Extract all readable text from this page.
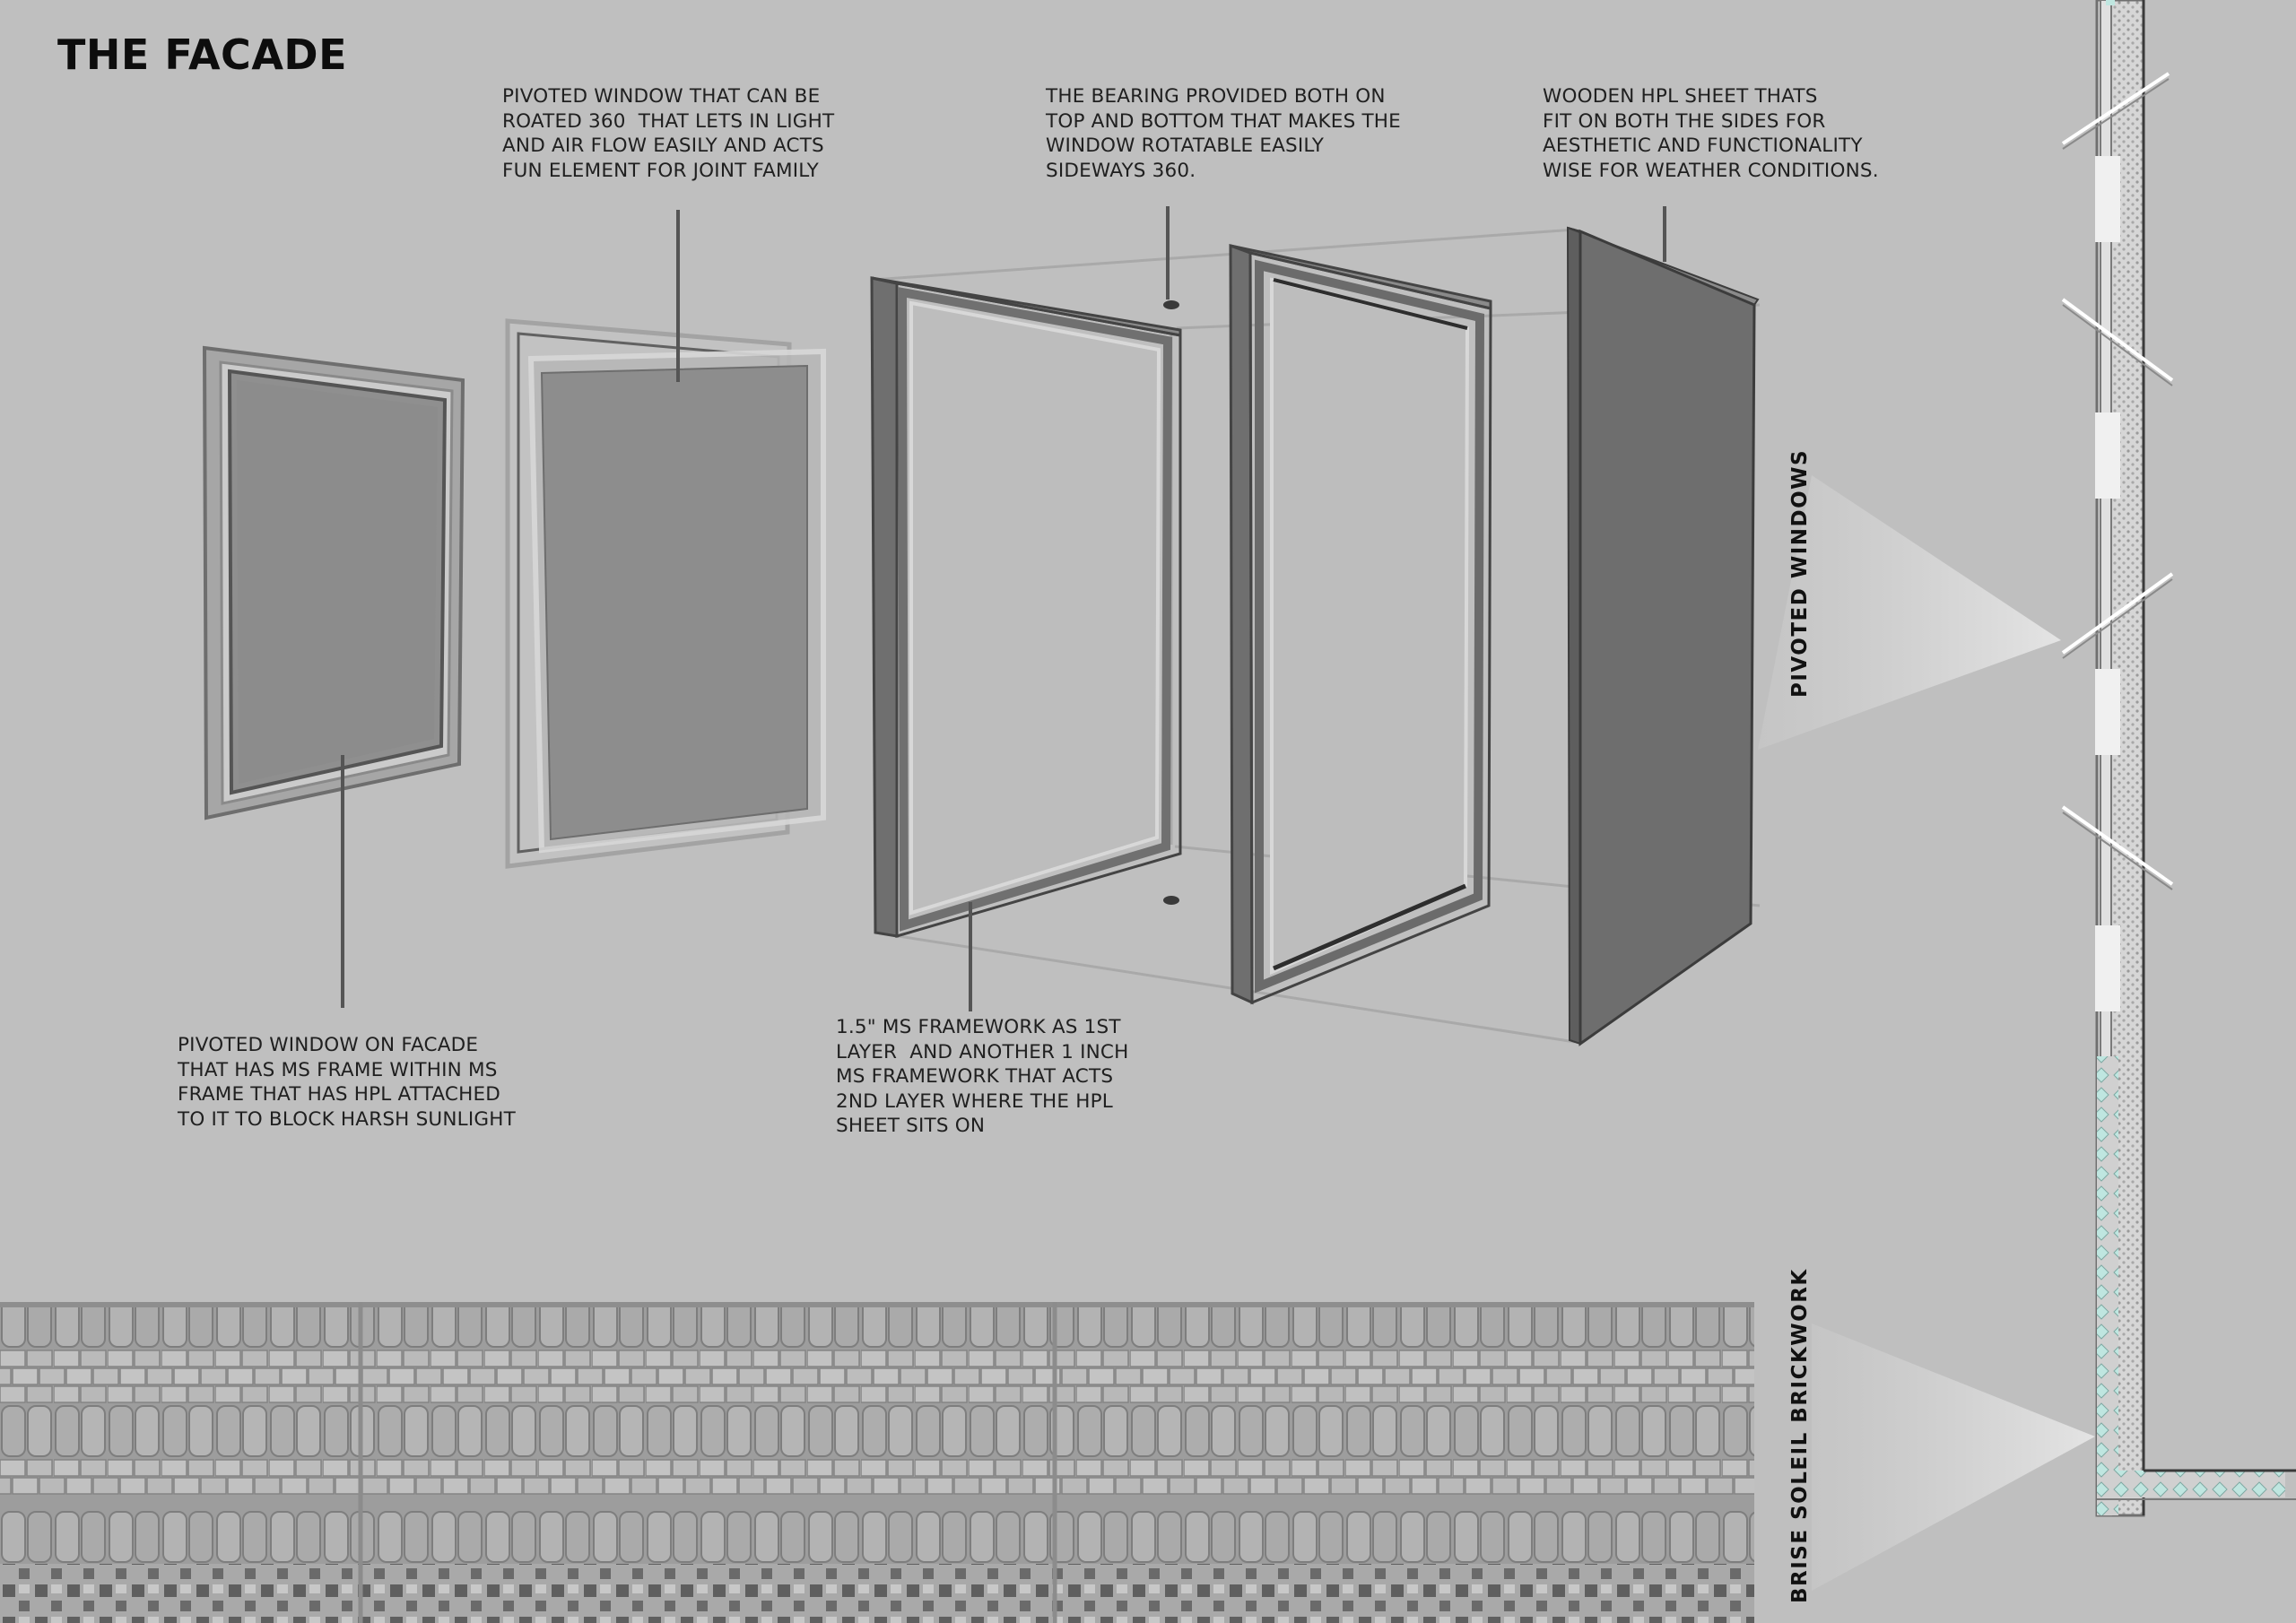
THE FACADE
PIVOTED WINDOW THAT CAN BE
ROATED 360  THAT LETS IN LIGHT
AND AIR FLOW EASILY AND ACTS
FUN ELEMENT FOR JOINT FAMILY
THE BEARING PROVIDED BOTH ON
TOP AND BOTTOM THAT MAKES THE
WINDOW ROTATABLE EASILY
SIDEWAYS 360.
WOODEN HPL SHEET THATS
FIT ON BOTH THE SIDES FOR
AESTHETIC AND FUNCTIONALITY
WISE FOR WEATHER CONDITIONS.
PIVOTED WINDOW ON FACADE
THAT HAS MS FRAME WITHIN MS
FRAME THAT HAS HPL ATTACHED
TO IT TO BLOCK HARSH SUNLIGHT
1.5" MS FRAMEWORK AS 1ST
LAYER  AND ANOTHER 1 INCH
MS FRAMEWORK THAT ACTS
2ND LAYER WHERE THE HPL
SHEET SITS ON
PIVOTED WINDOWS
BRISE SOLEIL BRICKWORK
